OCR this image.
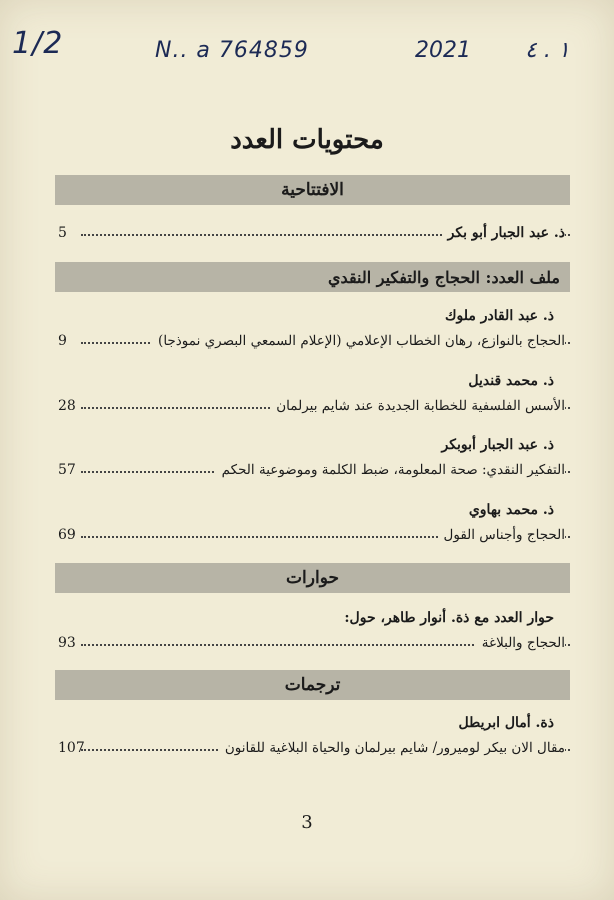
1/2	N.. a 764859	2021 ١ . ٤
محتويات العدد
الافتتاحية
ذ. عبد الجبار أبو بكر
5
ملف العدد: الحجاج والتفكير النقدي
ذ. عبد القادر ملوك
الحجاج بالنوازع، رهان الخطاب الإعلامي (الإعلام السمعي البصري نموذجا)
9
ذ. محمد قنديل
الأسس الفلسفية للخطابة الجديدة عند شايم بيرلمان
28
ذ. عبد الجبار أبوبكر
التفكير النقدي: صحة المعلومة، ضبط الكلمة وموضوعية الحكم
57
ذ. محمد بهاوي
الحجاج وأجناس القول
69
حوارات
حوار العدد مع ذة. أنوار طاهر، حول:
الحجاج والبلاغة
93
ترجمات
ذة. أمال ابريطل
مقال الان بيكر لوميرور/ شايم بيرلمان والحياة البلاغية للقانون
107
3
